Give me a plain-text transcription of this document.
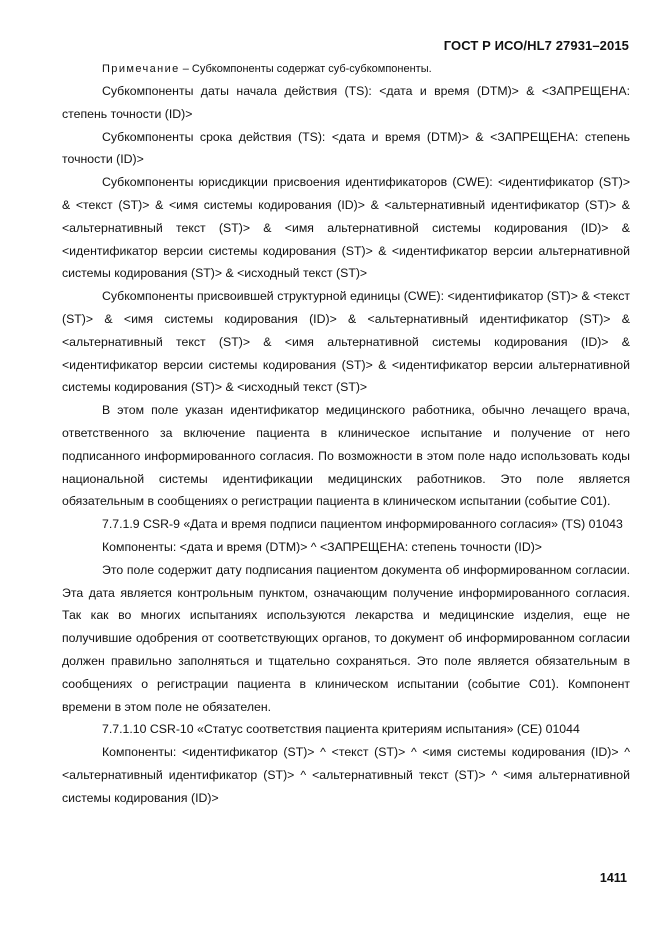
ГОСТ Р ИСО/HL7 27931–2015

Примечание – Субкомпоненты содержат суб-субкомпоненты.

Субкомпоненты даты начала действия (TS): <дата и время (DTM)> & <ЗАПРЕЩЕНА: степень точности (ID)>

Субкомпоненты срока действия (TS): <дата и время (DTM)> & <ЗАПРЕЩЕНА: степень точности (ID)>

Субкомпоненты юрисдикции присвоения идентификаторов (CWE): <идентификатор (ST)> & <текст (ST)> & <имя системы кодирования (ID)> & <альтернативный идентификатор (ST)> & <альтернативный текст (ST)> & <имя альтернативной системы кодирования (ID)> & <идентификатор версии системы кодирования (ST)> & <идентификатор версии альтернативной системы кодирования (ST)> & <исходный текст (ST)>

Субкомпоненты присвоившей структурной единицы (CWE): <идентификатор (ST)> & <текст (ST)> & <имя системы кодирования (ID)> & <альтернативный идентификатор (ST)> & <альтернативный текст (ST)> & <имя альтернативной системы кодирования (ID)> & <идентификатор версии системы кодирования (ST)> & <идентификатор версии альтернативной системы кодирования (ST)> & <исходный текст (ST)>

В этом поле указан идентификатор медицинского работника, обычно лечащего врача, ответственного за включение пациента в клиническое испытание и получение от него подписанного информированного согласия. По возможности в этом поле надо использовать коды национальной системы идентификации медицинских работников. Это поле является обязательным в сообщениях о регистрации пациента в клиническом испытании (событие C01).

7.7.1.9 CSR-9 «Дата и время подписи пациентом информированного согласия» (TS) 01043

Компоненты: <дата и время (DTM)> ^ <ЗАПРЕЩЕНА: степень точности (ID)>

Это поле содержит дату подписания пациентом документа об информированном согласии. Эта дата является контрольным пунктом, означающим получение информированного согласия. Так как во многих испытаниях используются лекарства и медицинские изделия, еще не получившие одобрения от соответствующих органов, то документ об информированном согласии должен правильно заполняться и тщательно сохраняться. Это поле является обязательным в сообщениях о регистрации пациента в клиническом испытании (событие C01). Компонент времени в этом поле не обязателен.

7.7.1.10 CSR-10 «Статус соответствия пациента критериям испытания» (CE) 01044

Компоненты: <идентификатор (ST)> ^ <текст (ST)> ^ <имя системы кодирования (ID)> ^ <альтернативный идентификатор (ST)> ^ <альтернативный текст (ST)> ^ <имя альтернативной системы кодирования (ID)>

1411
